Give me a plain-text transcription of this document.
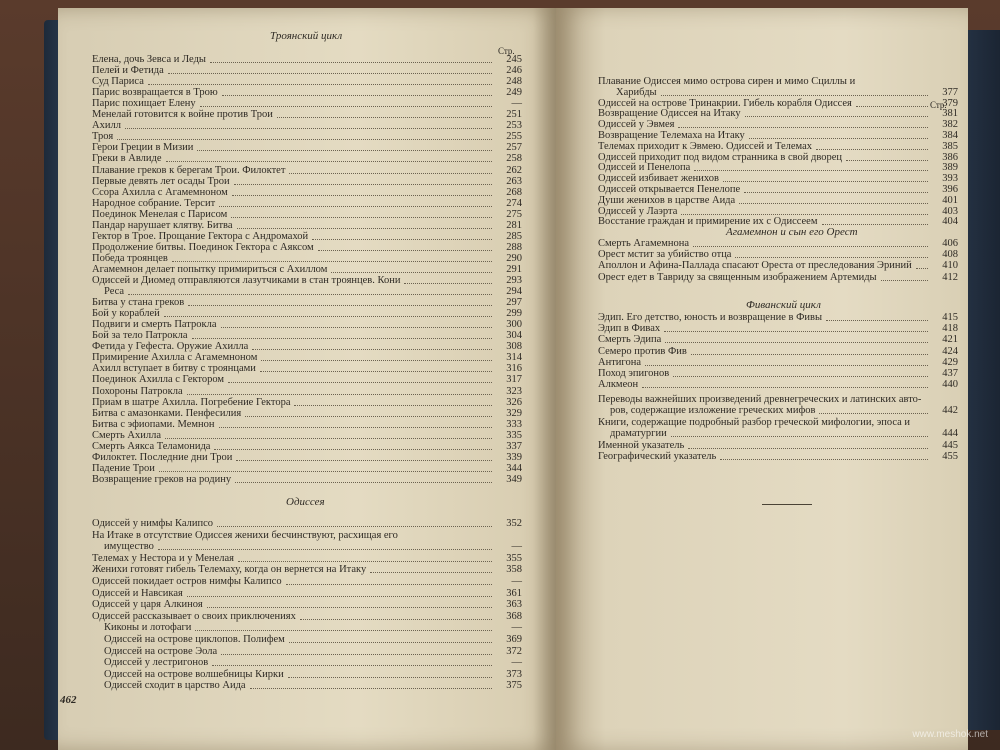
Троянский цикл
Стр.
Елена, дочь Зевса и Леды	245
Пелей и Фетида	246
Суд Париса	248
Парис возвращается в Трою	249
Парис похищает Елену	—
Менелай готовится к войне против Трои	251
Ахилл	253
Троя	255
Герои Греции в Мизии	257
Греки в Авлиде	258
Плавание греков к берегам Трои. Филоктет	262
Первые девять лет осады Трои	263
Ссора Ахилла с Агамемноном	268
Народное собрание. Терсит	274
Поединок Менелая с Парисом	275
Пандар нарушает клятву. Битва	281
Гектор в Трое. Прощание Гектора с Андромахой	285
Продолжение битвы. Поединок Гектора с Аяксом	288
Победа троянцев	290
Агамемнон делает попытку примириться с Ахиллом	291
Одиссей и Диомед отправляются лазутчиками в стан троянцев. Кони	293
Реса	294
Битва у стана греков	297
Бой у кораблей	299
Подвиги и смерть Патрокла	300
Бой за тело Патрокла	304
Фетида у Гефеста. Оружие Ахилла	308
Примирение Ахилла с Агамемноном	314
Ахилл вступает в битву с троянцами	316
Поединок Ахилла с Гектором	317
Похороны Патрокла	323
Приам в шатре Ахилла. Погребение Гектора	326
Битва с амазонками. Пенфесилия	329
Битва с эфиопами. Мемнон	333
Смерть Ахилла	335
Смерть Аякса Теламонида	337
Филоктет. Последние дни Трои	339
Падение Трои	344
Возвращение греков на родину	349
Одиссея
Одиссей у нимфы Калипсо	352
На Итаке в отсутствие Одиссея женихи бесчинствуют, расхищая его
имущество	—
Телемах у Нестора и у Менелая	355
Женихи готовят гибель Телемаху, когда он вернется на Итаку	358
Одиссей покидает остров нимфы Калипсо	—
Одиссей и Навсикая	361
Одиссей у царя Алкиноя	363
Одиссей рассказывает о своих приключениях	368
Киконы и лотофаги	—
Одиссей на острове циклопов. Полифем	369
Одиссей на острове Эола	372
Одиссей у лестригонов	—
Одиссей на острове волшебницы Кирки	373
Одиссей сходит в царство Аида	375
462
Стр.
Плавание Одиссея мимо острова сирен и мимо Сциллы и
Харибды	377
Одиссей на острове Тринакрии. Гибель корабля Одиссея	379
Возвращение Одиссея на Итаку	381
Одиссей у Эвмея	382
Возвращение Телемаха на Итаку	384
Телемах приходит к Эвмею. Одиссей и Телемах	385
Одиссей приходит под видом странника в свой дворец	386
Одиссей и Пенелопа	389
Одиссей избивает женихов	393
Одиссей открывается Пенелопе	396
Души женихов в царстве Аида	401
Одиссей у Лаэрта	403
Восстание граждан и примирение их с Одиссеем	404
Агамемнон и сын его Орест
Смерть Агамемнона	406
Орест мстит за убийство отца	408
Аполлон и Афина-Паллада спасают Ореста от преследования Эриний	410
Орест едет в Тавриду за священным изображением Артемиды	412
Фиванский цикл
Эдип. Его детство, юность и возвращение в Фивы	415
Эдип в Фивах	418
Смерть Эдипа	421
Семеро против Фив	424
Антигона	429
Поход эпигонов	437
Алкмеон	440
Переводы важнейших произведений древнегреческих и латинских авто-
ров, содержащие изложение греческих мифов	442
Книги, содержащие подробный разбор греческой мифологии, эпоса и
драматургии	444
Именной указатель	445
Географический указатель	455
www.meshok.net
